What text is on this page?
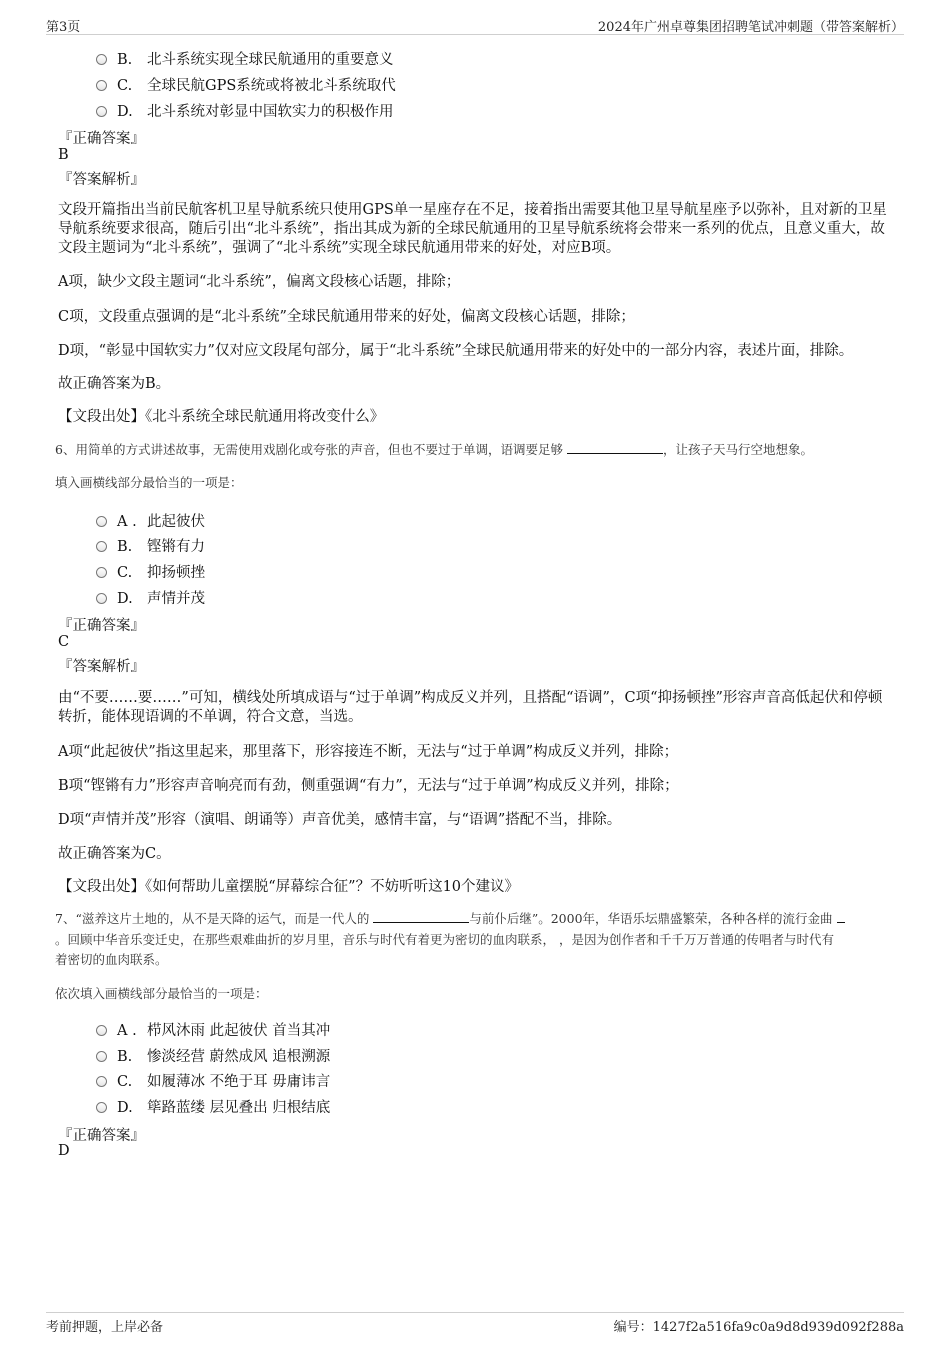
第3页	2024年广州卓尊集团招聘笔试冲刺题（带答案解析）
B. 北斗系统实现全球民航通用的重要意义
C. 全球民航GPS系统或将被北斗系统取代
D. 北斗系统对彰显中国软实力的积极作用
『正确答案』
B
『答案解析』
文段开篇指出当前民航客机卫星导航系统只使用GPS单一星座存在不足，接着指出需要其他卫星导航星座予以弥补，且对新的卫星导航系统要求很高，随后引出“北斗系统”，指出其成为新的全球民航通用的卫星导航系统将会带来一系列的优点，且意义重大，故文段主题词为“北斗系统”，强调了“北斗系统”实现全球民航通用带来的好处，对应B项。
A项，缺少文段主题词“北斗系统”，偏离文段核心话题，排除；
C项，文段重点强调的是“北斗系统”全球民航通用带来的好处，偏离文段核心话题，排除；
D项，“彰显中国软实力”仅对应文段尾句部分，属于“北斗系统”全球民航通用带来的好处中的一部分内容，表述片面，排除。
故正确答案为B。
【文段出处】《北斗系统全球民航通用将改变什么》
6、用简单的方式讲述故事，无需使用戏剧化或夸张的声音，但也不要过于单调，语调要足够	，让孩子天马行空地想象。
填入画横线部分最恰当的一项是：
A . 此起彼伏
B. 铿锵有力
C. 抑扬顿挫
D. 声情并茂
『正确答案』
C
『答案解析』
由“不要……要……”可知，横线处所填成语与“过于单调”构成反义并列，且搭配“语调”，C项“抑扬顿挫”形容声音高低起伏和停顿转折，能体现语调的不单调，符合文意，当选。
A项“此起彼伏”指这里起来，那里落下，形容接连不断，无法与“过于单调”构成反义并列，排除；
B项“铿锵有力”形容声音响亮而有劲，侧重强调“有力”，无法与“过于单调”构成反义并列，排除；
D项“声情并茂”形容（演唱、朗诵等）声音优美，感情丰富，与“语调”搭配不当，排除。
故正确答案为C。
【文段出处】《如何帮助儿童摆脱“屏幕综合征”？不妨听听这10个建议》
7、“滋养这片土地的，从不是天降的运气，而是一代人的	与前仆后继”。2000年，华语乐坛鼎盛繁荣，各种各样的流行金曲
。回顾中华音乐变迁史，在那些艰难曲折的岁月里，音乐与时代有着更为密切的血肉联系， ，是因为创作者和千千万万普通的传唱者与时代有
着密切的血肉联系。
依次填入画横线部分最恰当的一项是：
A . 栉风沐雨 此起彼伏 首当其冲
B. 惨淡经营 蔚然成风 追根溯源
C. 如履薄冰 不绝于耳 毋庸讳言
D. 筚路蓝缕 层见叠出 归根结底
『正确答案』
D
考前押题，上岸必备	编号：1427f2a516fa9c0a9d8d939d092f288a
